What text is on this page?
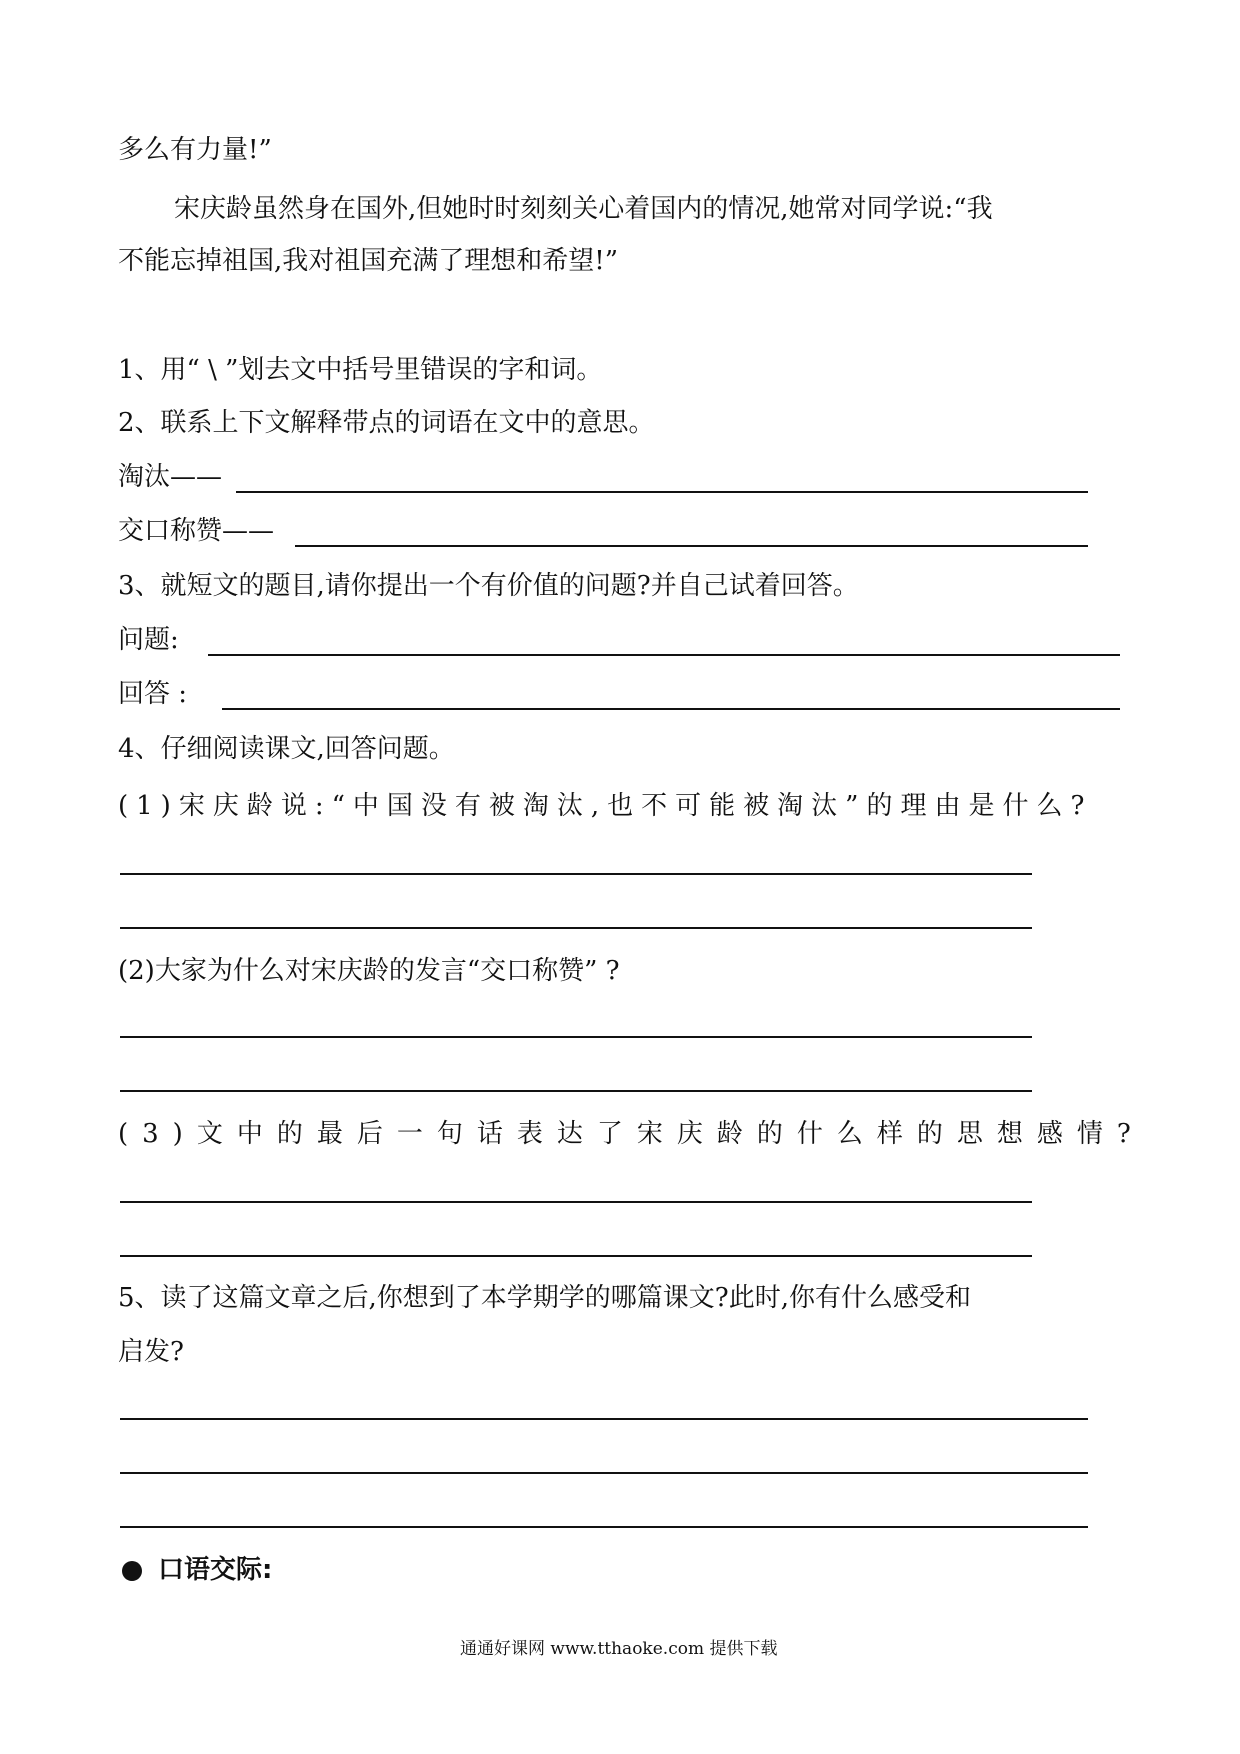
多么有力量!”
宋庆龄虽然身在国外,但她时时刻刻关心着国内的情况,她常对同学说:“我
不能忘掉祖国,我对祖国充满了理想和希望!”
1、用“ \ ”划去文中括号里错误的字和词。
2、联系上下文解释带点的词语在文中的意思。
淘汰——
交口称赞——
3、就短文的题目,请你提出一个有价值的问题?并自己试着回答。
问题:
回答 :
4、仔细阅读课文,回答问题。
(1)宋庆龄说:“中国没有被淘汰,也不可能被淘汰”的理由是什么?
(2)大家为什么对宋庆龄的发言“交口称赞” ?
(3)文中的最后一句话表达了宋庆龄的什么样的思想感情?
5、读了这篇文章之后,你想到了本学期学的哪篇课文?此时,你有什么感受和
启发?
口语交际:
通通好课网 www.tthaoke.com 提供下载
